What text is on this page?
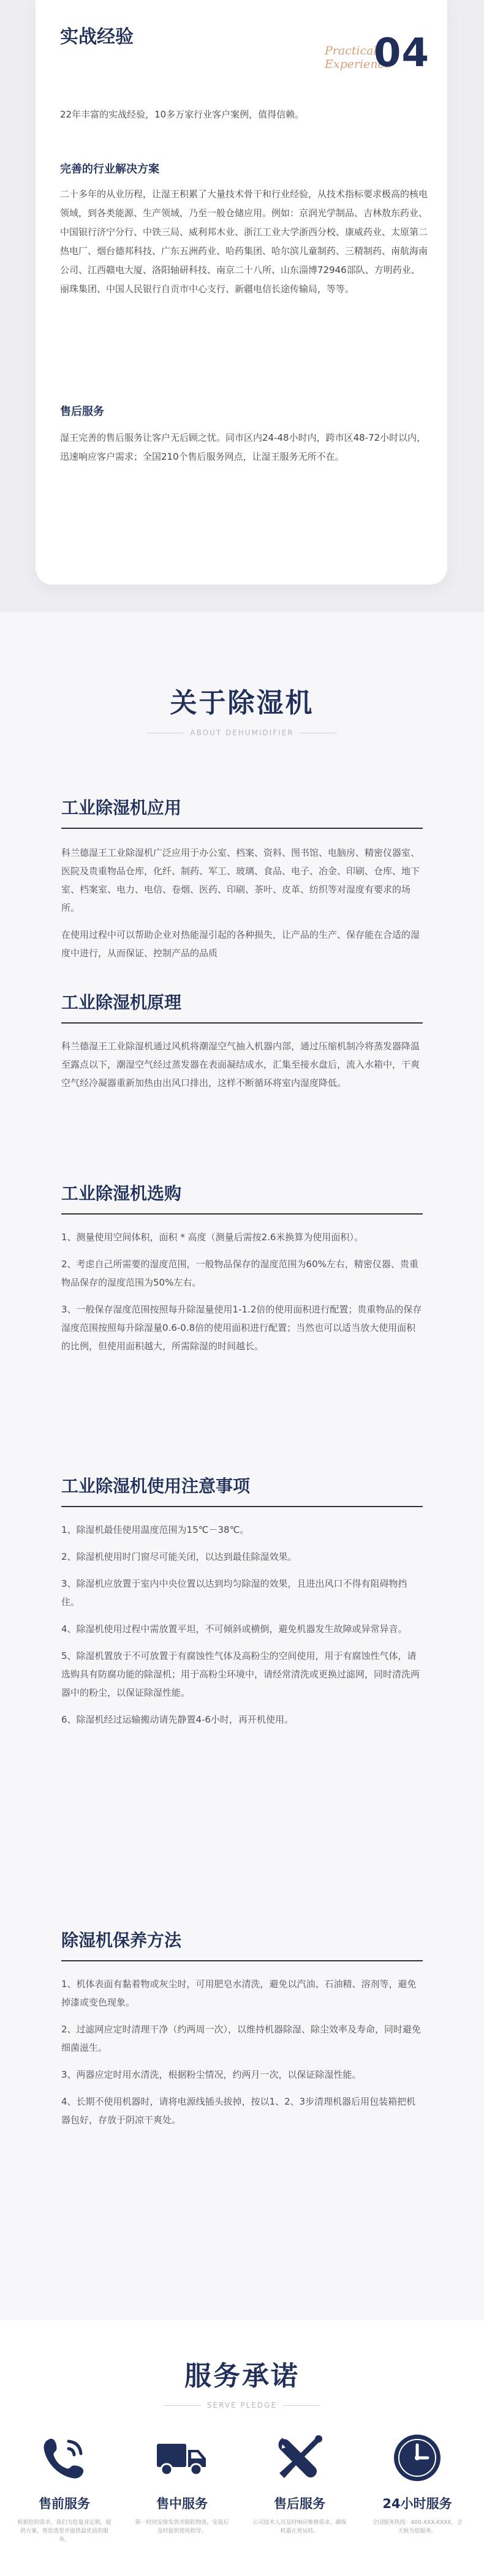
实战经验
Practical Experience
04
22年丰富的实战经验，10多万家行业客户案例，值得信赖。
完善的行业解决方案
二十多年的从业历程，让湿王积累了大量技术骨干和行业经验，从技术指标要求极高的核电领域，到各类能源、生产领域，乃至一般仓储应用。例如：京润光学制品、吉林敖东药业、中国银行济宁分行、中铁三局、威利邦木业、浙江工业大学浙西分校、康威药业、太原第二热电厂、烟台德邦科技、广东五洲药业、哈药集团、哈尔滨儿童制药、三精制药、南航海南公司、江西赣电大厦、洛阳轴研科技、南京二十八所、山东淄博72946部队、方明药业、丽珠集团、中国人民银行自贡市中心支行、新疆电信长途传输局，等等。
售后服务
湿王完善的售后服务让客户无后顾之忧。同市区内24-48小时内，跨市区48-72小时以内，迅速响应客户需求；全国210个售后服务网点，让湿王服务无所不在。
关于除湿机
ABOUT DEHUMIDIFIER
工业除湿机应用

科兰德湿王工业除湿机广泛应用于办公室、档案、资料、图书馆、电脑房、精密仪器室、医院及贵重物品仓库，化纤、制药、军工、玻璃、食品、电子、冶金、印刷、仓库、地下室、档案室、电力、电信、卷烟、医药、印刷、茶叶、皮革、纺织等对湿度有要求的场所。

在使用过程中可以帮助企业对热能湿引起的各种损失，让产品的生产、保存能在合适的湿度中进行，从而保证、控制产品的品质

工业除湿机原理

科兰德湿王工业除湿机通过风机将潮湿空气抽入机器内部，通过压缩机制冷将蒸发器降温至露点以下，潮湿空气经过蒸发器在表面凝结成水，汇集至接水盘后，流入水箱中，干爽空气经冷凝器重新加热由出风口排出，这样不断循环将室内湿度降低。

工业除湿机选购

1、测量使用空间体积，面积 * 高度（测量后需按2.6米换算为使用面积）。

2、考虑自己所需要的湿度范围，一般物品保存的湿度范围为60%左右，精密仪器、贵重物品保存的湿度范围为50%左右。

3、一般保存湿度范围按照每升除湿量使用1-1.2倍的使用面积进行配置；贵重物品的保存湿度范围按照每升除湿量0.6-0.8倍的使用面积进行配置；当然也可以适当放大使用面积的比例，但使用面积越大，所需除湿的时间越长。

工业除湿机使用注意事项

1、除湿机最佳使用温度范围为15℃－38℃。

2、除湿机使用时门窗尽可能关闭，以达到最佳除湿效果。

3、除湿机应放置于室内中央位置以达到均匀除湿的效果，且进出风口不得有阻碍物挡住。

4、除湿机使用过程中需放置平坦，不可倾斜或横倒，避免机器发生故障或异常异音。

5、除湿机置放于不可放置于有腐蚀性气体及高粉尘的空间使用，用于有腐蚀性气体，请选购具有防腐功能的除湿机；用于高粉尘环境中，请经常清洗或更换过滤网，同时清洗两器中的粉尘，以保证除湿性能。

6、除湿机经过运输搬动请先静置4-6小时，再开机使用。

除湿机保养方法

1、机体表面有黏着物或灰尘时，可用肥皂水清洗，避免以汽油、石油精、溶剂等，避免掉漆或变色现象。

2、过滤网应定时清理干净（约两周一次），以维持机器除湿、除尘效率及寿命，同时避免细菌滋生。

3、两器应定时用水清洗，根据粉尘情况，约两月一次，以保证除湿性能。

4、长期不使用机器时，请将电源线插头拔掉，按以1、2、3步清理机器后用包装箱把机器包好，存放于阴凉干爽处。

服务承诺
SERVE PLEDGE
售前服务
根据您的需求，我们为您量身定制，提供方案，帮您选型并提供最优质的服务。
售中服务
第一时间安排发货并跟踪物流，安装后及时提供使用指导。
售后服务
公司技术人员及时响应维修需求，确保机器正常运转。
24小时服务
全国服务热线：400-XXX-XXXX，全天候为您服务。
